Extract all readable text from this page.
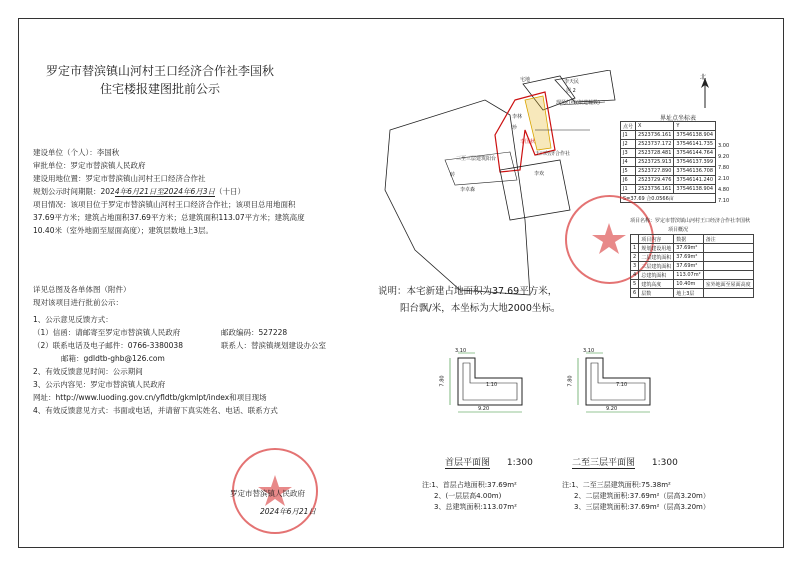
罗定市替滨镇山河村王口经济合作社李国秋
住宅楼报建图批前公示
建设单位（个人）：李国秋
审批单位：罗定市替滨镇人民政府
建设用地位置：罗定市替滨镇山河村王口经济合作社
规划公示时间期限：2024年6月21日至2024年6月3日（十日）
项目情况：该项目位于罗定市替滨镇山河村王口经济合作社；该项目总用地面积
37.69平方米；建筑占地面积37.69平方米；总建筑面积113.07平方米；建筑高度
10.40米（室外地面至屋面高度）；建筑层数地上3层。
详见总图及各单体图（附件）
现对该项目进行批前公示：
1、公示意见反馈方式：
（1）信函：请邮寄至罗定市替滨镇人民政府	邮政编码：527228
（2）联系电话及电子邮件：0766-3380038	联系人：替滨镇规划建设办公室
邮箱：gdldtb-ghb@126.com
2、有效反馈意见时间：公示期间
3、公示内容见：罗定市替滨镇人民政府
网址：http://www.luoding.gov.cn/yfldtb/gkmlpt/index和项目现场
4、有效反馈意见方式：书面或电话，并请留下真实姓名、电话、联系方式
罗定市替滨镇人民政府
2024年6月21日
宅地	李天民
居 2
现场红线(拟建幢数)
李林
珍
三至三层建筑阳台
李卓森
砖	李欢
李国秋
王口经济合作社
北
界址点坐标表
点号	X	Y
J1	2523736.161	37546138.904
J2	2523737.172	37546141.735
J3	2523728.481	37546144.764
J4	2523725.913	37546137.399
J5	2523727.890	37546136.708
J6	2523729.476	37546141.240
J1	2523736.161	37546138.904
S=37.69 合0.0566亩		
3.00
9.20
7.80
2.10
4.80
7.10
项目名称：罗定市替滨镇山河村王口经济合作社李国秋
项目概况
	项目内容	数据	备注
1	规划建设用地	37.69m²	
2	二层建筑面积	37.69m²	
3	三层建筑面积	37.69m²	
4	总建筑面积	113.07m²	
5	建筑高度	10.40m	室外地面至屋面高度
6	层数	地上3层	
说明：本宅新建占地面积为37.69平方米，
阳台飘/米，本坐标为大地2000坐标。
3.10
7.80	1.10
9.20
3.10
7.80	7.10
9.20
首层平面图 1:300	二至三层平面图 1:300
注:1、首层占地面积:37.69m²
2、(一层层高4.00m)
3、总建筑面积:113.07m²
注:1、二至三层建筑面积:75.38m²
2、二层建筑面积:37.69m²（层高3.20m）
3、三层建筑面积:37.69m²（层高3.20m）
